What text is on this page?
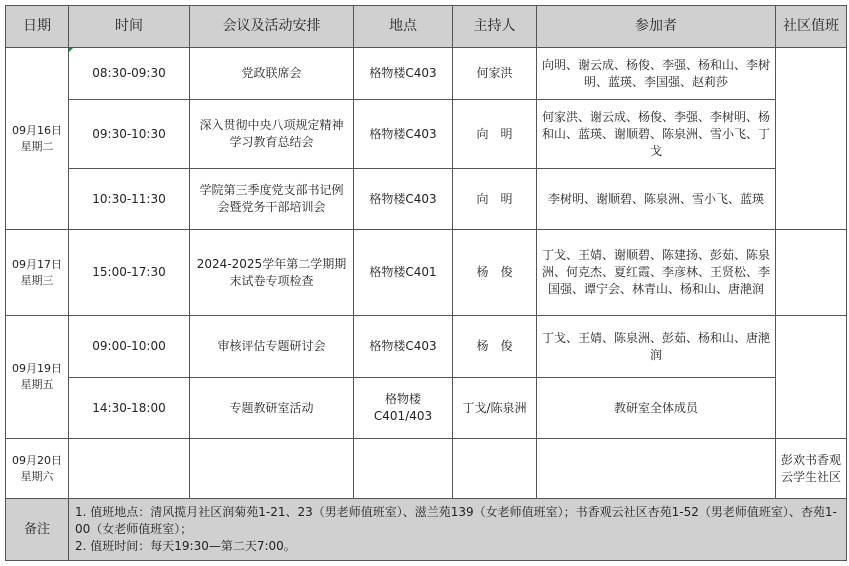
日期	时间	会议及活动安排	地点	主持人	参加者	社区值班

09月16日
星期二	08:30-09:30	党政联席会	格物楼C403	何家洪	向明、谢云成、杨俊、李强、杨和山、李树明、蓝瑛、李国强、赵莉莎	
	09:30-10:30	深入贯彻中央八项规定精神学习教育总结会	格物楼C403	向　明	何家洪、谢云成、杨俊、李强、李树明、杨和山、蓝瑛、谢顺碧、陈泉洲、雪小飞、丁戈	
	10:30-11:30	学院第三季度党支部书记例会暨党务干部培训会	格物楼C403	向　明	李树明、谢顺碧、陈泉洲、雪小飞、蓝瑛	

09月17日
星期三	15:00-17:30	2024-2025学年第二学期期末试卷专项检查	格物楼C401	杨　俊	丁戈、王婧、谢顺碧、陈建扬、彭茹、陈泉洲、何克杰、夏红霞、李彦林、王贤松、李国强、谭宁会、林青山、杨和山、唐滟润	

09月19日
星期五	09:00-10:00	审核评估专题研讨会	格物楼C403	杨　俊	丁戈、王婧、陈泉洲、彭茹、杨和山、唐滟润	
	14:30-18:00	专题教研室活动	格物楼C401/403	丁戈/陈泉洲	教研室全体成员	

09月20日
星期六						彭欢书香观云学生社区
备注	1. 值班地点：清风揽月社区润菊苑1-21、23（男老师值班室）、滋兰苑139（女老师值班室）；书香观云社区杏苑1-52（男老师值班室）、杏苑1-00（女老师值班室）；
2. 值班时间：每天19:30—第二天7:00。					
